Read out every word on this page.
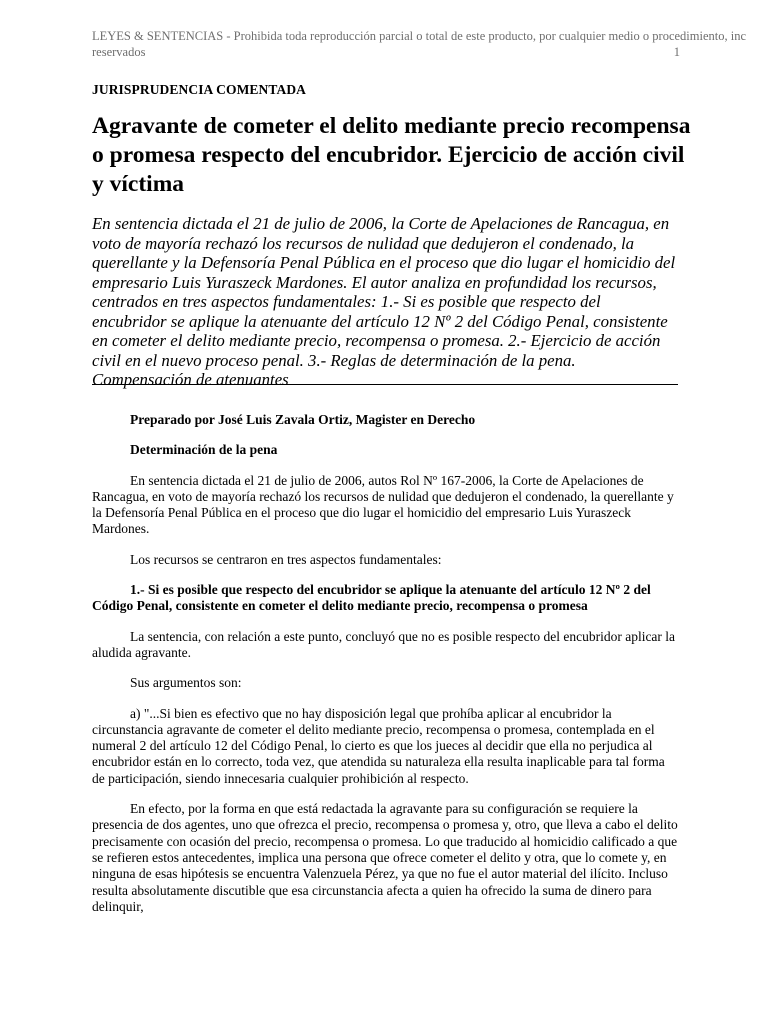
LEYES & SENTENCIAS - Prohibida toda reproducción parcial o total de este producto, por cualquier medio o procedimiento, inc
reservados	1
JURISPRUDENCIA COMENTADA
Agravante de cometer el delito mediante precio recompensa o promesa respecto del encubridor. Ejercicio de acción civil y víctima

En sentencia dictada el 21 de julio de 2006, la Corte de Apelaciones de Rancagua, en voto de mayoría rechazó los recursos de nulidad que dedujeron el condenado, la querellante y la Defensoría Penal Pública en el proceso que dio lugar el homicidio del empresario Luis Yuraszeck Mardones. El autor analiza en profundidad los recursos, centrados en tres aspectos fundamentales: 1.- Si es posible que respecto del encubridor se aplique la atenuante del artículo 12 Nº 2 del Código Penal, consistente en cometer el delito mediante precio, recompensa o promesa. 2.- Ejercicio de acción civil en el nuevo proceso penal. 3.- Reglas de determinación de la pena. Compensación de atenuantes

Preparado por José Luis Zavala Ortiz, Magister en Derecho

Determinación de la pena

En sentencia dictada el 21 de julio de 2006, autos Rol Nº 167-2006, la Corte de Apelaciones de Rancagua, en voto de mayoría rechazó los recursos de nulidad que dedujeron el condenado, la querellante y la Defensoría Penal Pública en el proceso que dio lugar el homicidio del empresario Luis Yuraszeck Mardones.

Los recursos se centraron en tres aspectos fundamentales:

1.- Si es posible que respecto del encubridor se aplique la atenuante del artículo 12 Nº 2 del Código Penal, consistente en cometer el delito mediante precio, recompensa o promesa

La sentencia, con relación a este punto, concluyó que no es posible respecto del encubridor aplicar la aludida agravante.

Sus argumentos son:

a) "...Si bien es efectivo que no hay disposición legal que prohíba aplicar al encubridor la circunstancia agravante de cometer el delito mediante precio, recompensa o promesa, contemplada en el numeral 2 del artículo 12 del Código Penal, lo cierto es que los jueces al decidir que ella no perjudica al encubridor están en lo correcto, toda vez, que atendida su naturaleza ella resulta inaplicable para tal forma de participación, siendo innecesaria cualquier prohibición al respecto.

En efecto, por la forma en que está redactada la agravante para su configuración se requiere la presencia de dos agentes, uno que ofrezca el precio, recompensa o promesa y, otro, que lleva a cabo el delito precisamente con ocasión del precio, recompensa o promesa. Lo que traducido al homicidio calificado a que se refieren estos antecedentes, implica una persona que ofrece cometer el delito y otra, que lo comete y, en ninguna de esas hipótesis se encuentra Valenzuela Pérez, ya que no fue el autor material del ilícito. Incluso resulta absolutamente discutible que esa circunstancia afecta a quien ha ofrecido la suma de dinero para delinquir,
